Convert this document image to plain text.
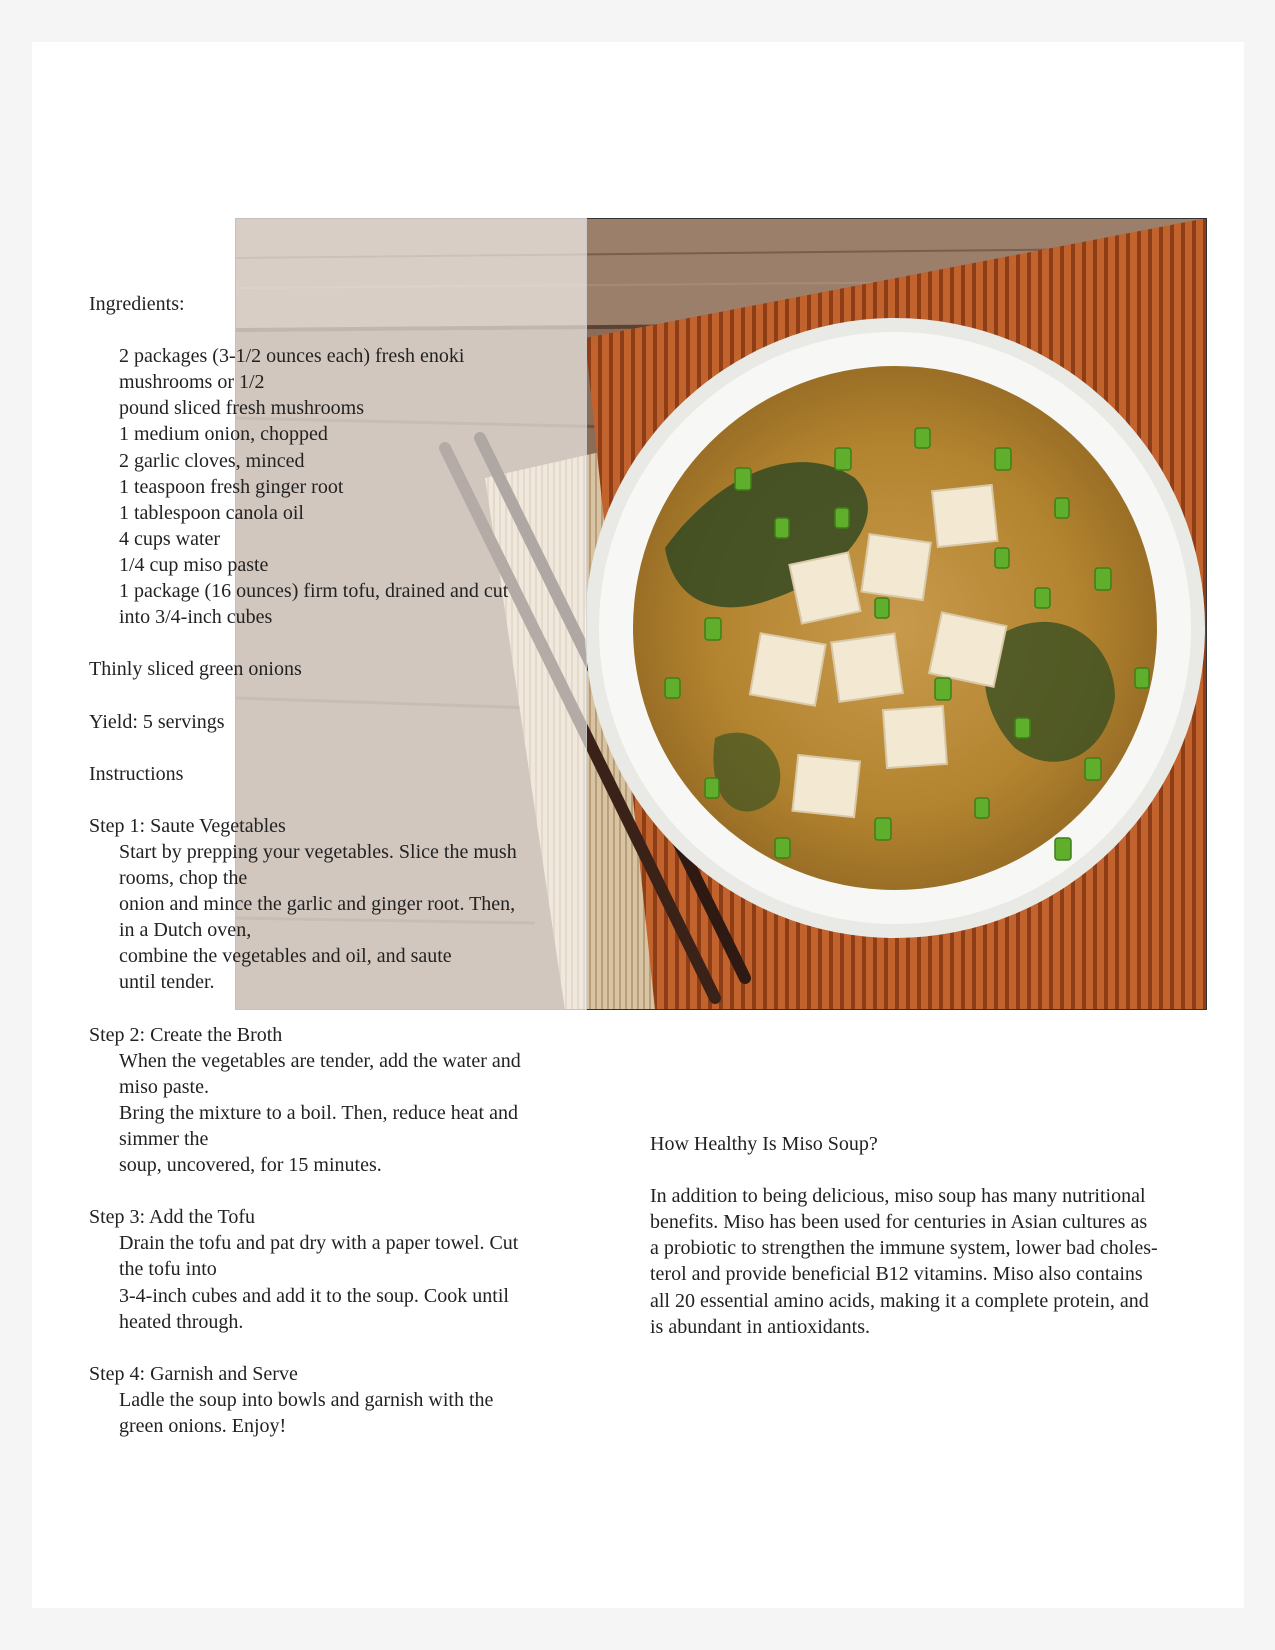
Ingredients:

2 packages (3-1/2 ounces each) fresh enoki

mushrooms or 1/2

pound sliced fresh mushrooms

1 medium onion, chopped

2 garlic cloves, minced

1 teaspoon fresh ginger root

1 tablespoon canola oil

4 cups water

1/4 cup miso paste

1 package (16 ounces) firm tofu, drained and cut

into 3/4-inch cubes

Thinly sliced green onions

Yield: 5 servings

Instructions

Step 1: Saute Vegetables

Start by prepping your vegetables. Slice the mush

rooms, chop the

onion and mince the garlic and ginger root. Then,

in a Dutch oven,

combine the vegetables and oil, and saute

until tender.

Step 2: Create the Broth

When the vegetables are tender, add the water and

miso paste.

Bring the mixture to a boil. Then, reduce heat and

simmer the

soup, uncovered, for 15 minutes.

Step 3: Add the Tofu

Drain the tofu and pat dry with a paper towel. Cut

the tofu into

3-4-inch cubes and add it to the soup. Cook until

heated through.

Step 4: Garnish and Serve

Ladle the soup into bowls and garnish with the

green onions. Enjoy!

How Healthy Is Miso Soup?

In addition to being delicious, miso soup has many nutritional

benefits. Miso has been used for centuries in Asian cultures as

a probiotic to strengthen the immune system, lower bad choles-

terol and provide beneficial B12 vitamins. Miso also contains

all 20 essential amino acids, making it a complete protein, and

is abundant in antioxidants.
